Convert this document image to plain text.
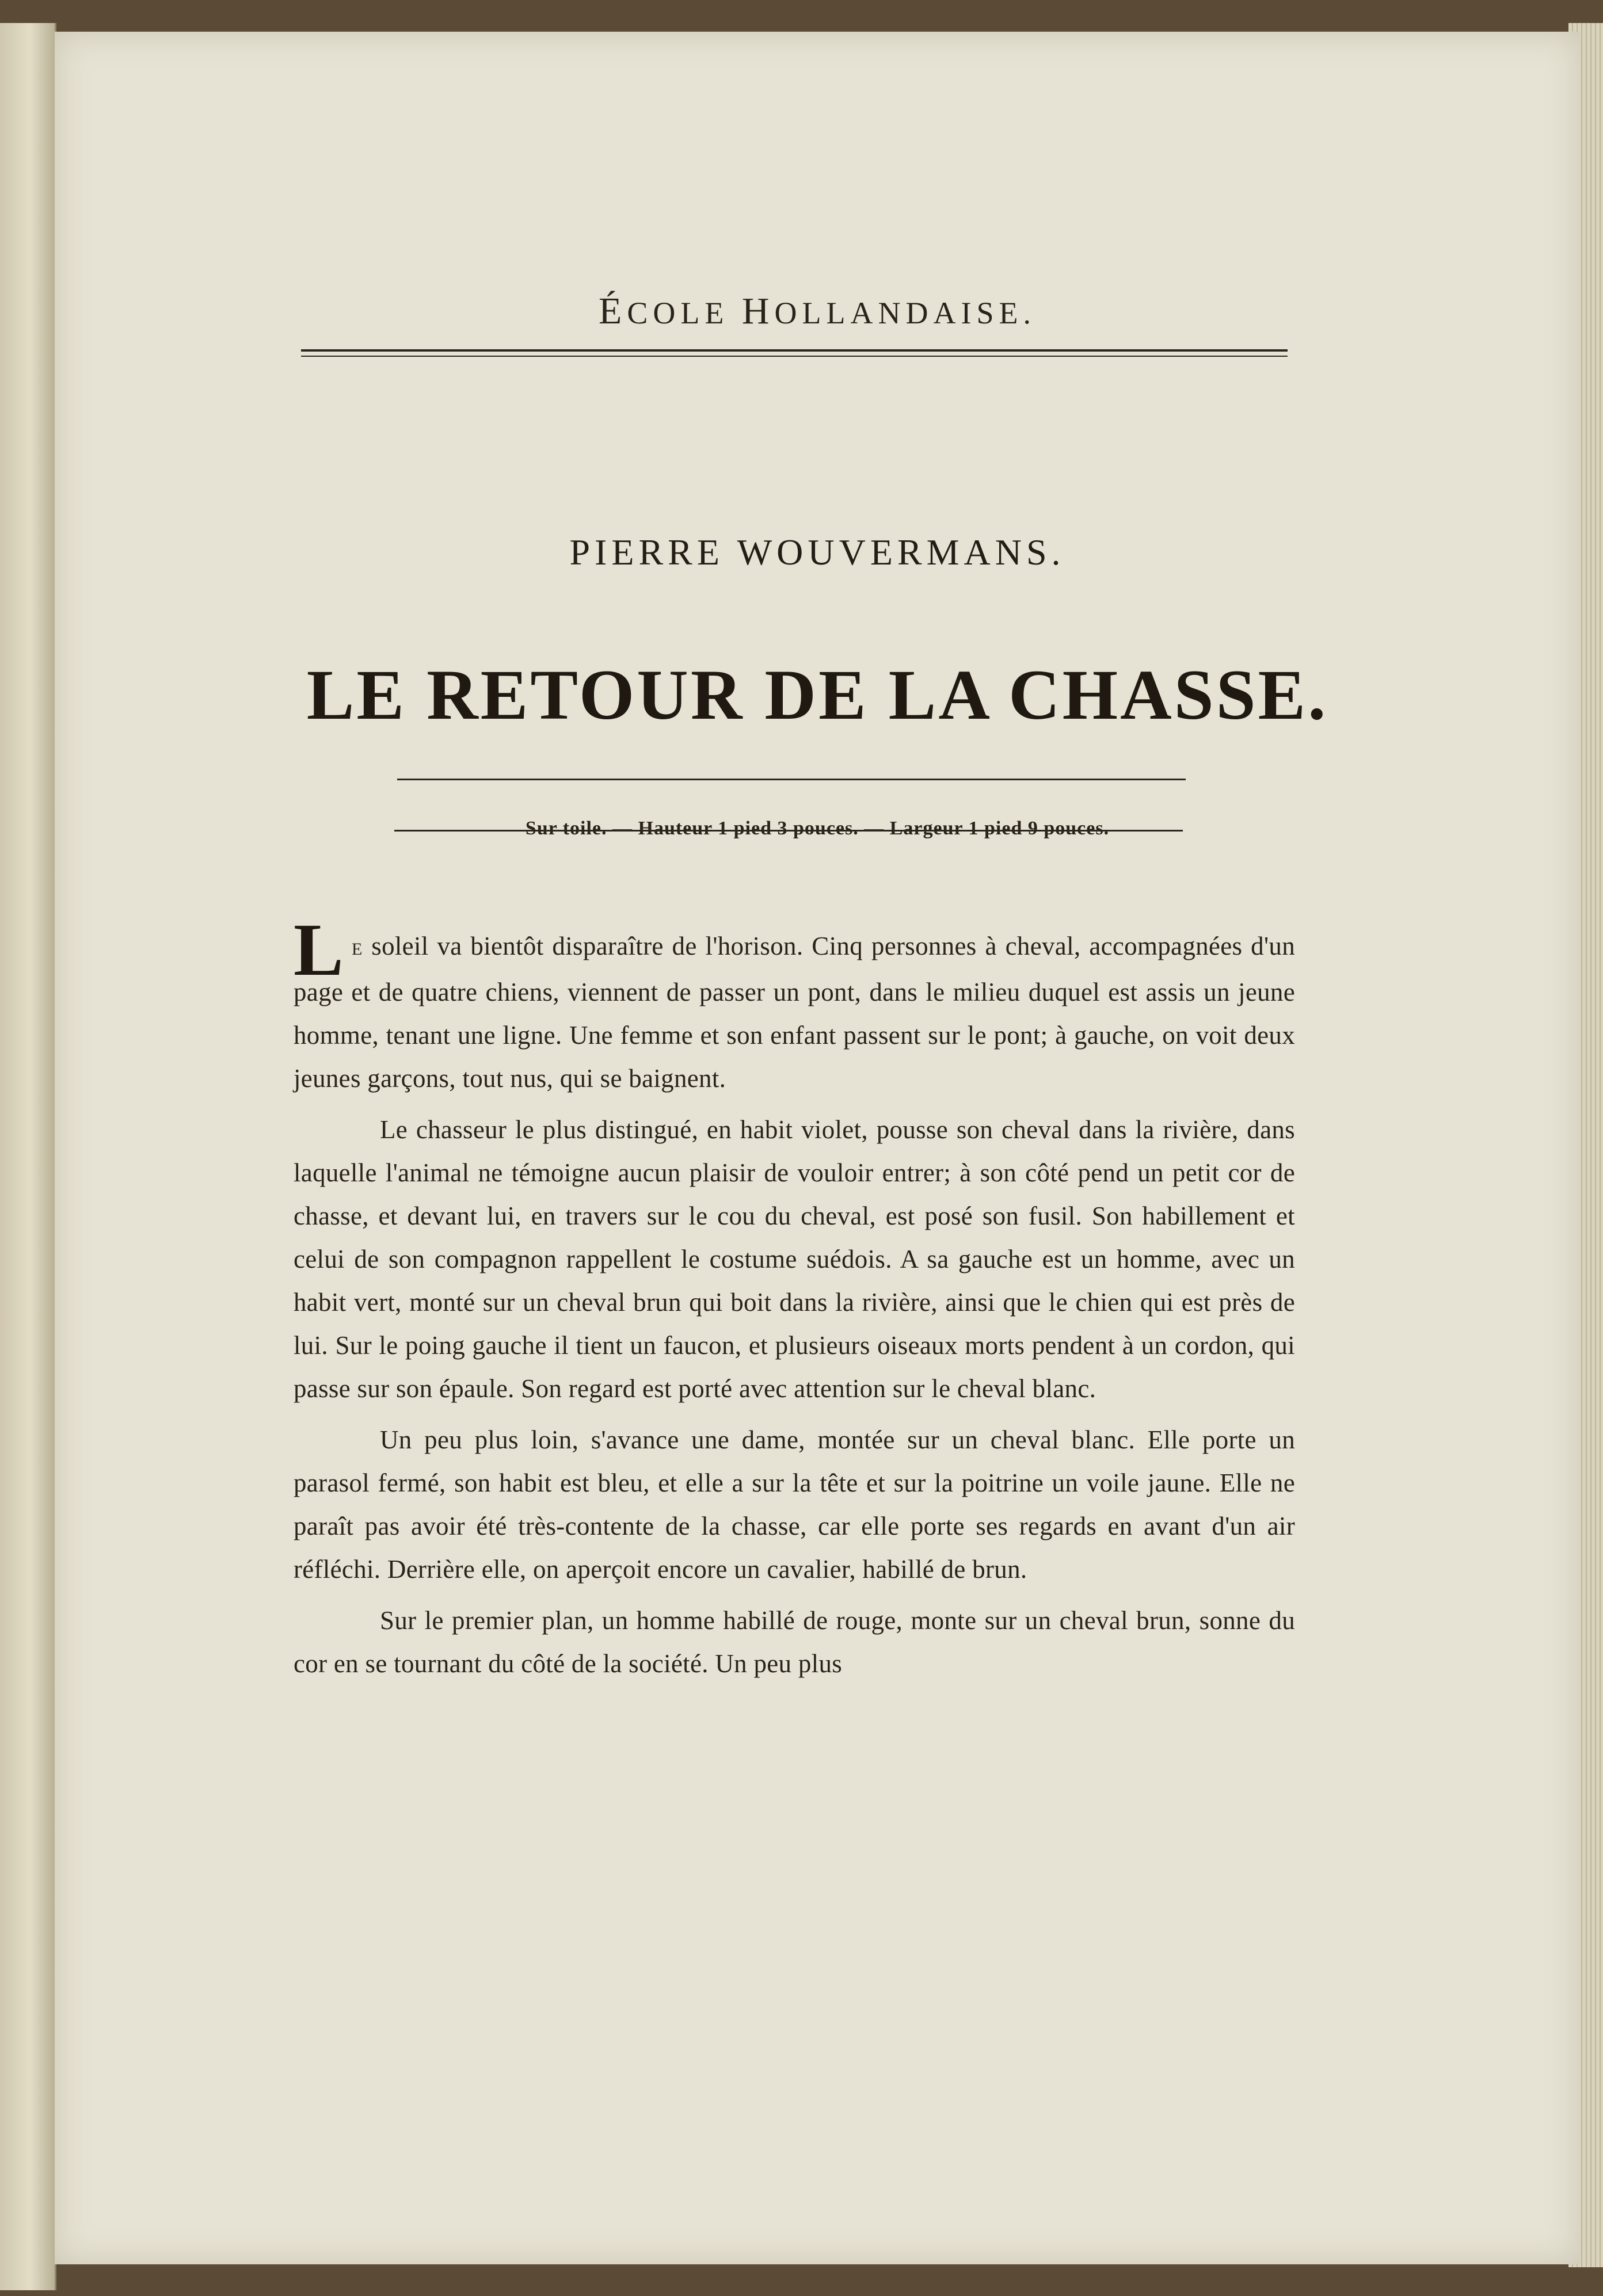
ÉCOLE HOLLANDAISE.
PIERRE WOUVERMANS.
LE RETOUR DE LA CHASSE.
Sur toile. — Hauteur 1 pied 3 pouces. — Largeur 1 pied 9 pouces.

L E soleil va bientôt disparaître de l'horison. Cinq personnes à cheval, accompagnées d'un page et de quatre chiens, viennent de passer un pont, dans le milieu duquel est assis un jeune homme, tenant une ligne. Une femme et son enfant passent sur le pont; à gauche, on voit deux jeunes garçons, tout nus, qui se baignent.

Le chasseur le plus distingué, en habit violet, pousse son cheval dans la rivière, dans laquelle l'animal ne témoigne aucun plaisir de vouloir entrer; à son côté pend un petit cor de chasse, et devant lui, en travers sur le cou du cheval, est posé son fusil. Son habillement et celui de son compagnon rappellent le costume suédois. A sa gauche est un homme, avec un habit vert, monté sur un cheval brun qui boit dans la rivière, ainsi que le chien qui est près de lui. Sur le poing gauche il tient un faucon, et plusieurs oiseaux morts pendent à un cordon, qui passe sur son épaule. Son regard est porté avec attention sur le cheval blanc.

Un peu plus loin, s'avance une dame, montée sur un cheval blanc. Elle porte un parasol fermé, son habit est bleu, et elle a sur la tête et sur la poitrine un voile jaune. Elle ne paraît pas avoir été très-contente de la chasse, car elle porte ses regards en avant d'un air réfléchi. Derrière elle, on aperçoit encore un cavalier, habillé de brun.

Sur le premier plan, un homme habillé de rouge, monte sur un cheval brun, sonne du cor en se tournant du côté de la société. Un peu plus
